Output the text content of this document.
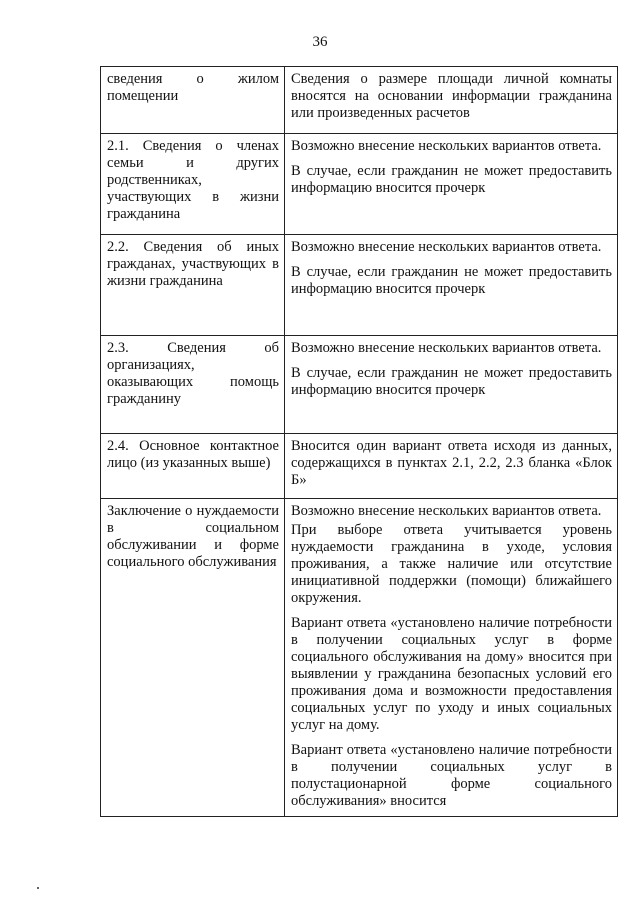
36

сведения о жилом помещении	Сведения о размере площади личной комнаты вносятся на основании информации гражданина или произведенных расчетов

2.1. Сведения о членах семьи и других родственниках, участвующих в жизни гражданина	Возможно внесение нескольких вариантов ответа.

В случае, если гражданин не может предоставить информацию вносится прочерк

2.2. Сведения об иных гражданах, участвующих в жизни гражданина	Возможно внесение нескольких вариантов ответа.

В случае, если гражданин не может предоставить информацию вносится прочерк

2.3. Сведения об организациях, оказывающих помощь гражданину	Возможно внесение нескольких вариантов ответа.

В случае, если гражданин не может предоставить информацию вносится прочерк

2.4. Основное контактное лицо (из указанных выше)	Вносится один вариант ответа исходя из данных, содержащихся в пунктах 2.1, 2.2, 2.3 бланка «Блок Б»

Заключение о нуждаемости в социальном обслуживании и форме социального обслуживания	Возможно внесение нескольких вариантов ответа.

При выборе ответа учитывается уровень нуждаемости гражданина в уходе, условия проживания, а также наличие или отсутствие инициативной поддержки (помощи) ближайшего окружения.

Вариант ответа «установлено наличие потребности в получении социальных услуг в форме социального обслуживания на дому» вносится при выявлении у гражданина безопасных условий его проживания дома и возможности предоставления социальных услуг по уходу и иных социальных услуг на дому.

Вариант ответа «установлено наличие потребности в получении социальных услуг в полустационарной форме социального обслуживания» вносится
